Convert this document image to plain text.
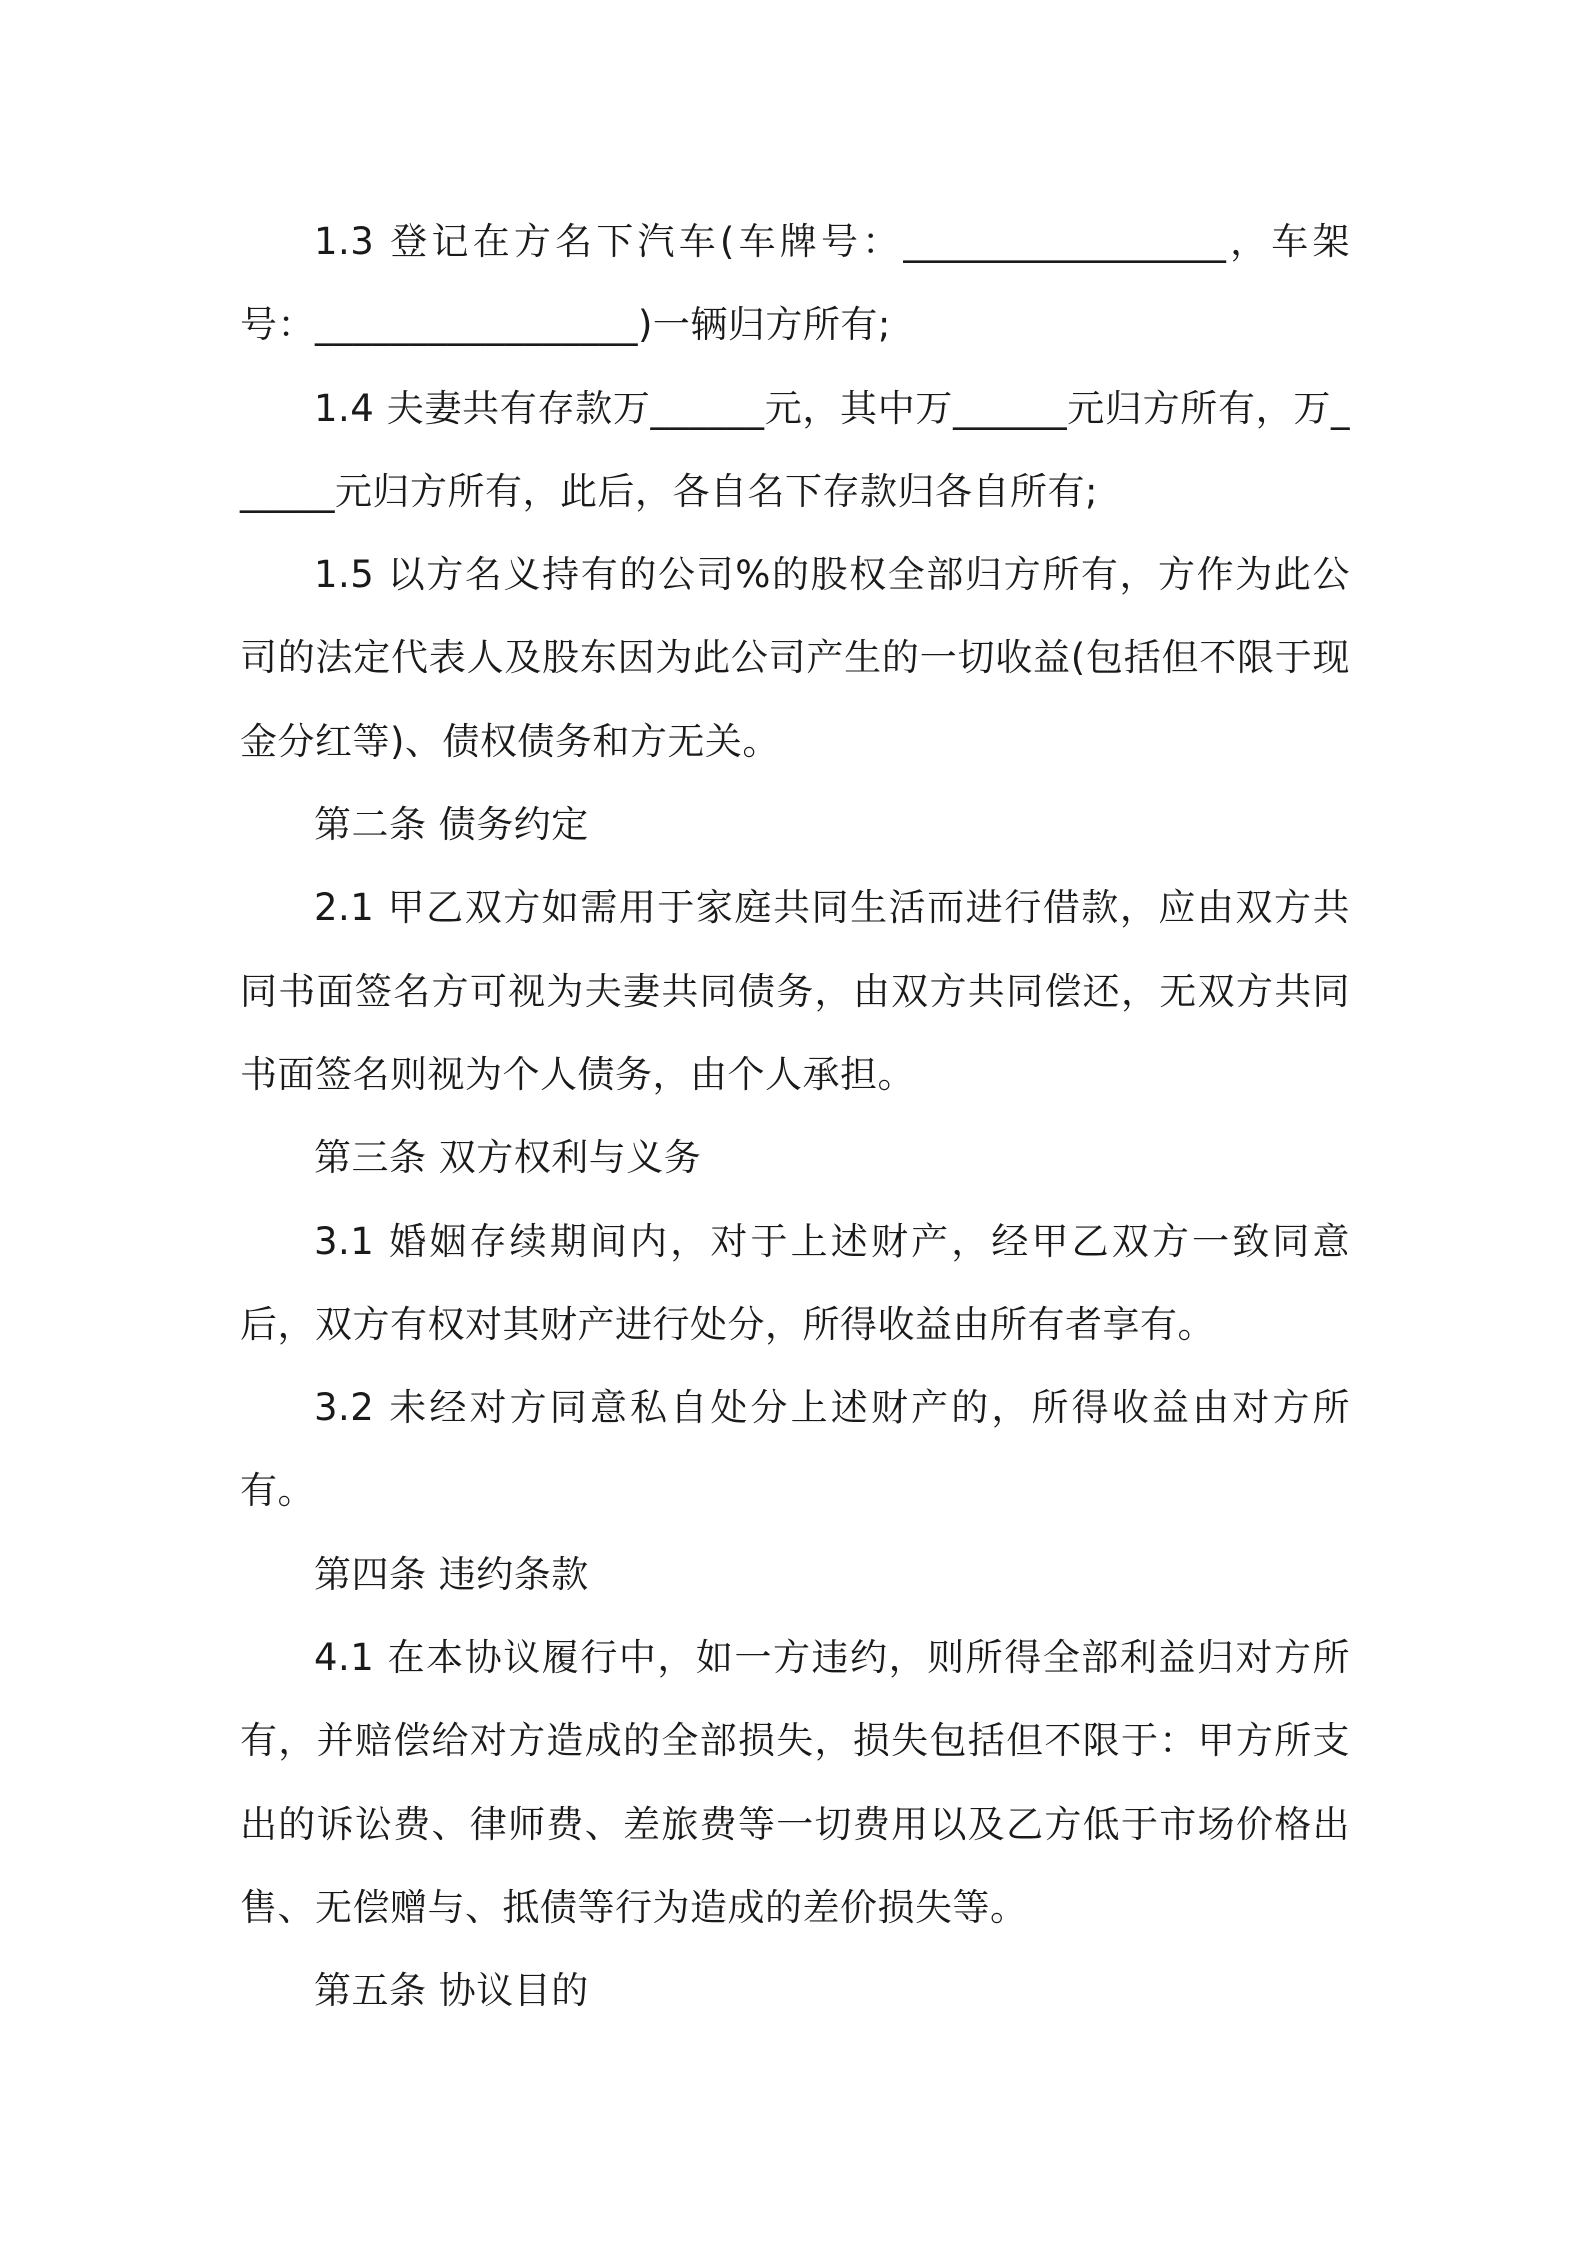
1.3 登记在方名下汽车(车牌号：_________________，车架号：_________________)一辆归方所有;

1.4 夫妻共有存款万______元，其中万______元归方所有，万______元归方所有，此后，各自名下存款归各自所有;

1.5 以方名义持有的公司%的股权全部归方所有，方作为此公司的法定代表人及股东因为此公司产生的一切收益(包括但不限于现金分红等)、债权债务和方无关。

第二条 债务约定

2.1 甲乙双方如需用于家庭共同生活而进行借款，应由双方共同书面签名方可视为夫妻共同债务，由双方共同偿还，无双方共同书面签名则视为个人债务，由个人承担。

第三条 双方权利与义务

3.1 婚姻存续期间内，对于上述财产，经甲乙双方一致同意后，双方有权对其财产进行处分，所得收益由所有者享有。

3.2 未经对方同意私自处分上述财产的，所得收益由对方所有。

第四条 违约条款

4.1 在本协议履行中，如一方违约，则所得全部利益归对方所有，并赔偿给对方造成的全部损失，损失包括但不限于：甲方所支出的诉讼费、律师费、差旅费等一切费用以及乙方低于市场价格出售、无偿赠与、抵债等行为造成的差价损失等。

第五条 协议目的
